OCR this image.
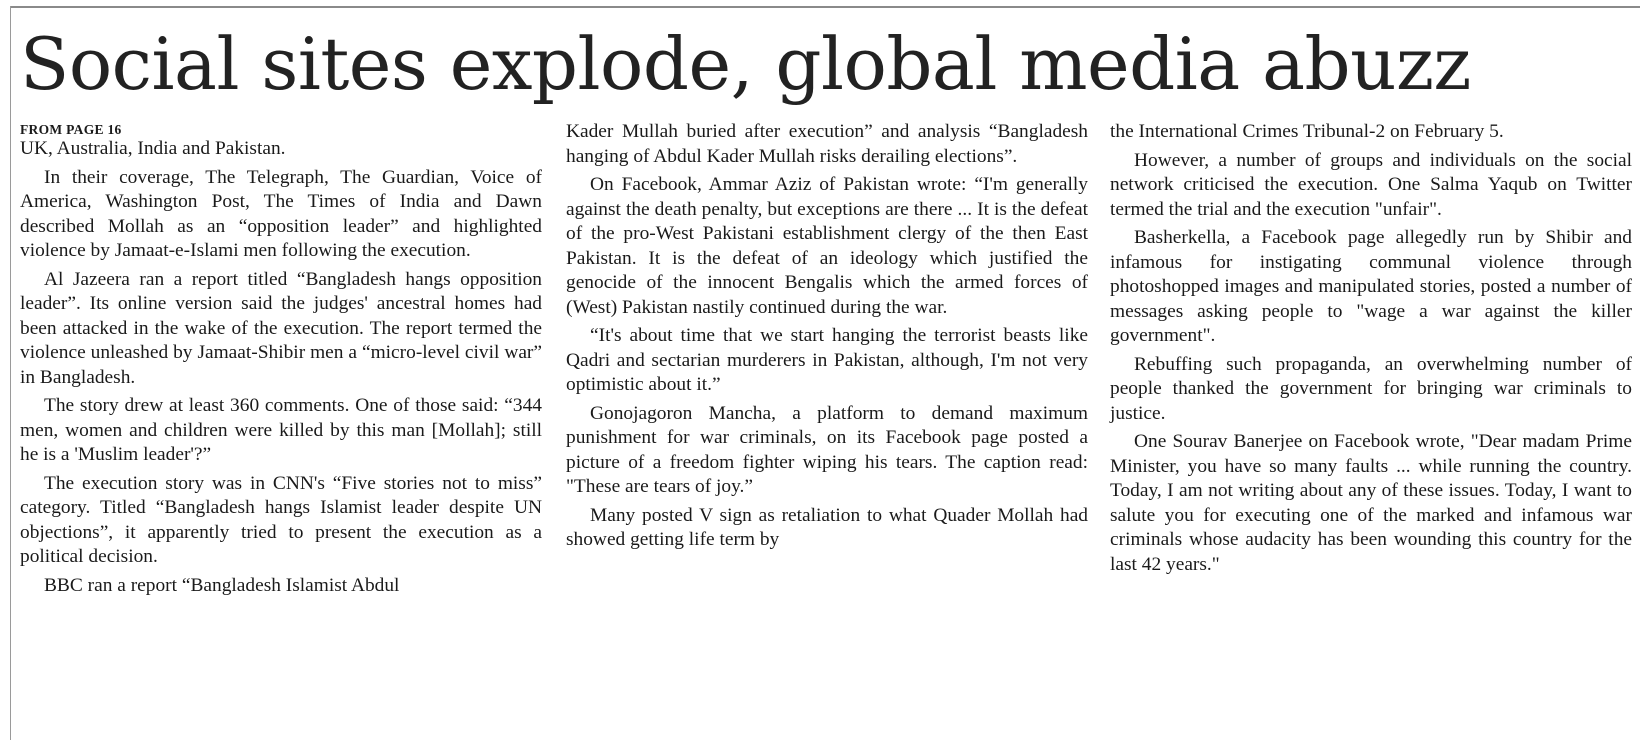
Social sites explode, global media abuzz
FROM PAGE 16

UK, Australia, India and Pakistan.

In their coverage, The Telegraph, The Guardian, Voice of America, Washington Post, The Times of India and Dawn described Mollah as an “opposition leader” and highlighted violence by Jamaat-e-Islami men following the execution.

Al Jazeera ran a report titled “Bangladesh hangs opposition leader”. Its online version said the judges' ancestral homes had been attacked in the wake of the execution. The report termed the violence unleashed by Jamaat-Shibir men a “micro-level civil war” in Bangladesh.

The story drew at least 360 comments. One of those said: “344 men, women and children were killed by this man [Mollah]; still he is a 'Muslim leader'?”

The execution story was in CNN's “Five stories not to miss” category. Titled “Bangladesh hangs Islamist leader despite UN objections”, it apparently tried to present the execution as a political decision.

BBC ran a report “Bangladesh Islamist Abdul

Kader Mullah buried after execution” and analysis “Bangladesh hanging of Abdul Kader Mullah risks derailing elections”.

On Facebook, Ammar Aziz of Pakistan wrote: “I'm generally against the death penalty, but exceptions are there ... It is the defeat of the pro-West Pakistani establishment clergy of the then East Pakistan. It is the defeat of an ideology which justified the genocide of the innocent Bengalis which the armed forces of (West) Pakistan nastily continued during the war.

“It's about time that we start hanging the terrorist beasts like Qadri and sectarian murderers in Pakistan, although, I'm not very optimistic about it.”

Gonojagoron Mancha, a platform to demand maximum punishment for war criminals, on its Facebook page posted a picture of a freedom fighter wiping his tears. The caption read: "These are tears of joy.”

Many posted V sign as retaliation to what Quader Mollah had showed getting life term by

the International Crimes Tribunal-2 on February 5.

However, a number of groups and individuals on the social network criticised the execution. One Salma Yaqub on Twitter termed the trial and the execution "unfair".

Basherkella, a Facebook page allegedly run by Shibir and infamous for instigating communal violence through photoshopped images and manipulated stories, posted a number of messages asking people to "wage a war against the killer government".

Rebuffing such propaganda, an overwhelming number of people thanked the government for bringing war criminals to justice.

One Sourav Banerjee on Facebook wrote, "Dear madam Prime Minister, you have so many faults ... while running the country. Today, I am not writing about any of these issues. Today, I want to salute you for executing one of the marked and infamous war criminals whose audacity has been wounding this country for the last 42 years."
